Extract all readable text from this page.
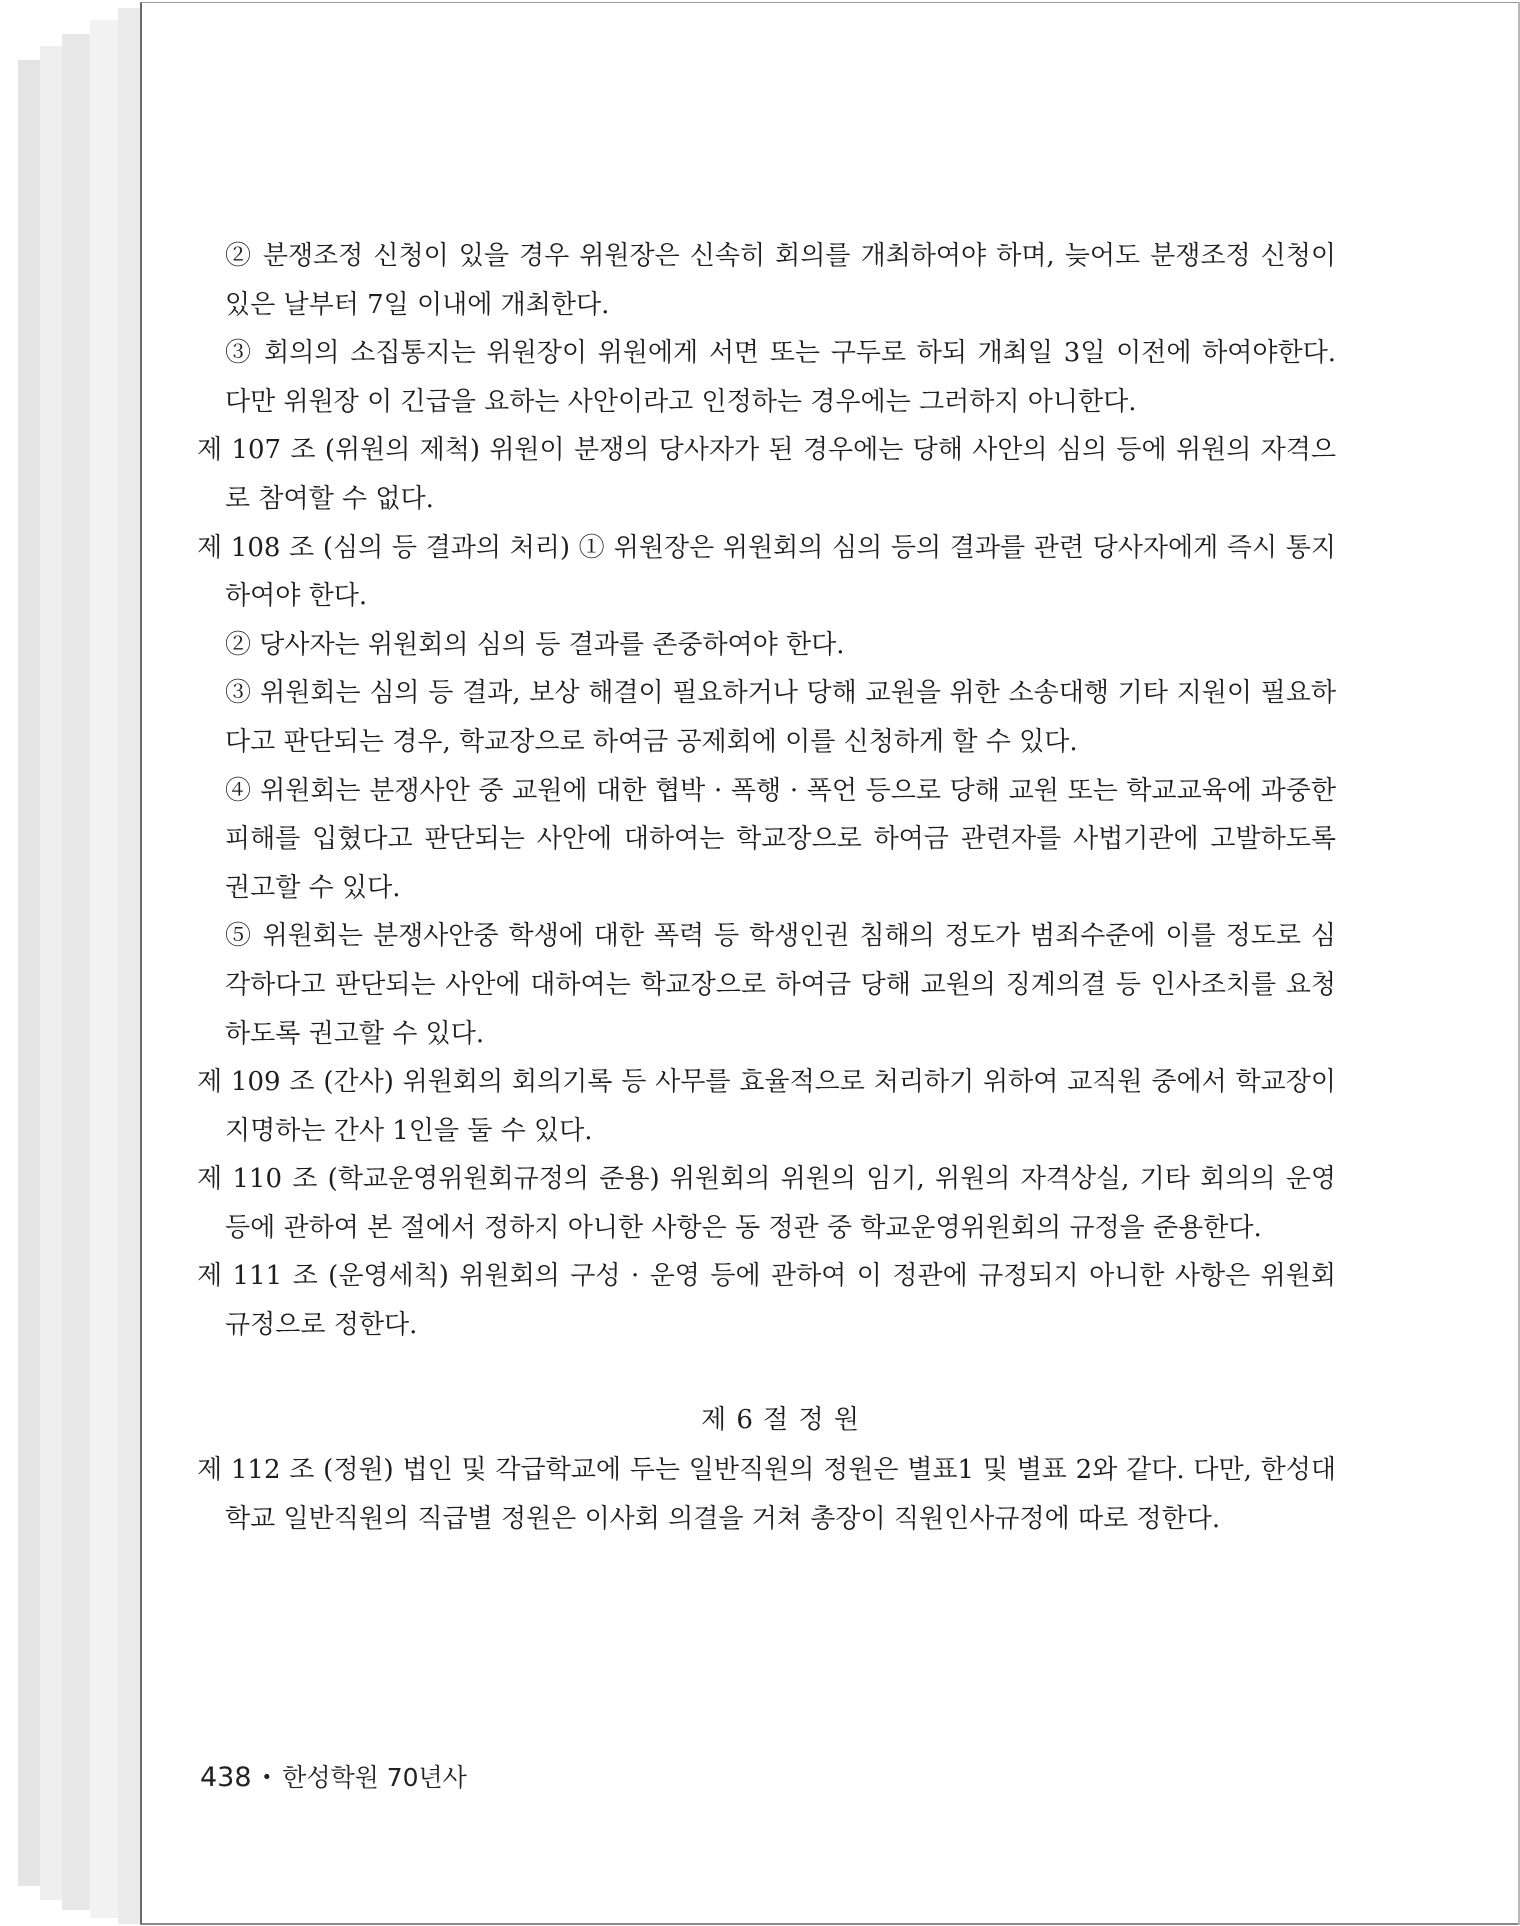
② 분쟁조정 신청이 있을 경우 위원장은 신속히 회의를 개최하여야 하며, 늦어도 분쟁조정 신청이 있은 날부터 7일 이내에 개최한다.

③ 회의의 소집통지는 위원장이 위원에게 서면 또는 구두로 하되 개최일 3일 이전에 하여야한다. 다만 위원장 이 긴급을 요하는 사안이라고 인정하는 경우에는 그러하지 아니한다.

제 107 조 (위원의 제척) 위원이 분쟁의 당사자가 된 경우에는 당해 사안의 심의 등에 위원의 자격으로 참여할 수 없다.

제 108 조 (심의 등 결과의 처리) ① 위원장은 위원회의 심의 등의 결과를 관련 당사자에게 즉시 통지하여야 한다.

② 당사자는 위원회의 심의 등 결과를 존중하여야 한다.

③ 위원회는 심의 등 결과, 보상 해결이 필요하거나 당해 교원을 위한 소송대행 기타 지원이 필요하다고 판단되는 경우, 학교장으로 하여금 공제회에 이를 신청하게 할 수 있다.

④ 위원회는 분쟁사안 중 교원에 대한 협박 · 폭행 · 폭언 등으로 당해 교원 또는 학교교육에 과중한 피해를 입혔다고 판단되는 사안에 대하여는 학교장으로 하여금 관련자를 사법기관에 고발하도록 권고할 수 있다.

⑤ 위원회는 분쟁사안중 학생에 대한 폭력 등 학생인권 침해의 정도가 범죄수준에 이를 정도로 심각하다고 판단되는 사안에 대하여는 학교장으로 하여금 당해 교원의 징계의결 등 인사조치를 요청하도록 권고할 수 있다.

제 109 조 (간사) 위원회의 회의기록 등 사무를 효율적으로 처리하기 위하여 교직원 중에서 학교장이 지명하는 간사 1인을 둘 수 있다.

제 110 조 (학교운영위원회규정의 준용) 위원회의 위원의 임기, 위원의 자격상실, 기타 회의의 운영 등에 관하여 본 절에서 정하지 아니한 사항은 동 정관 중 학교운영위원회의 규정을 준용한다.

제 111 조 (운영세칙) 위원회의 구성 · 운영 등에 관하여 이 정관에 규정되지 아니한 사항은 위원회 규정으로 정한다.

제 6 절 정 원

제 112 조 (정원) 법인 및 각급학교에 두는 일반직원의 정원은 별표1 및 별표 2와 같다. 다만, 한성대학교 일반직원의 직급별 정원은 이사회 의결을 거쳐 총장이 직원인사규정에 따로 정한다.

438 • 한성학원 70년사
